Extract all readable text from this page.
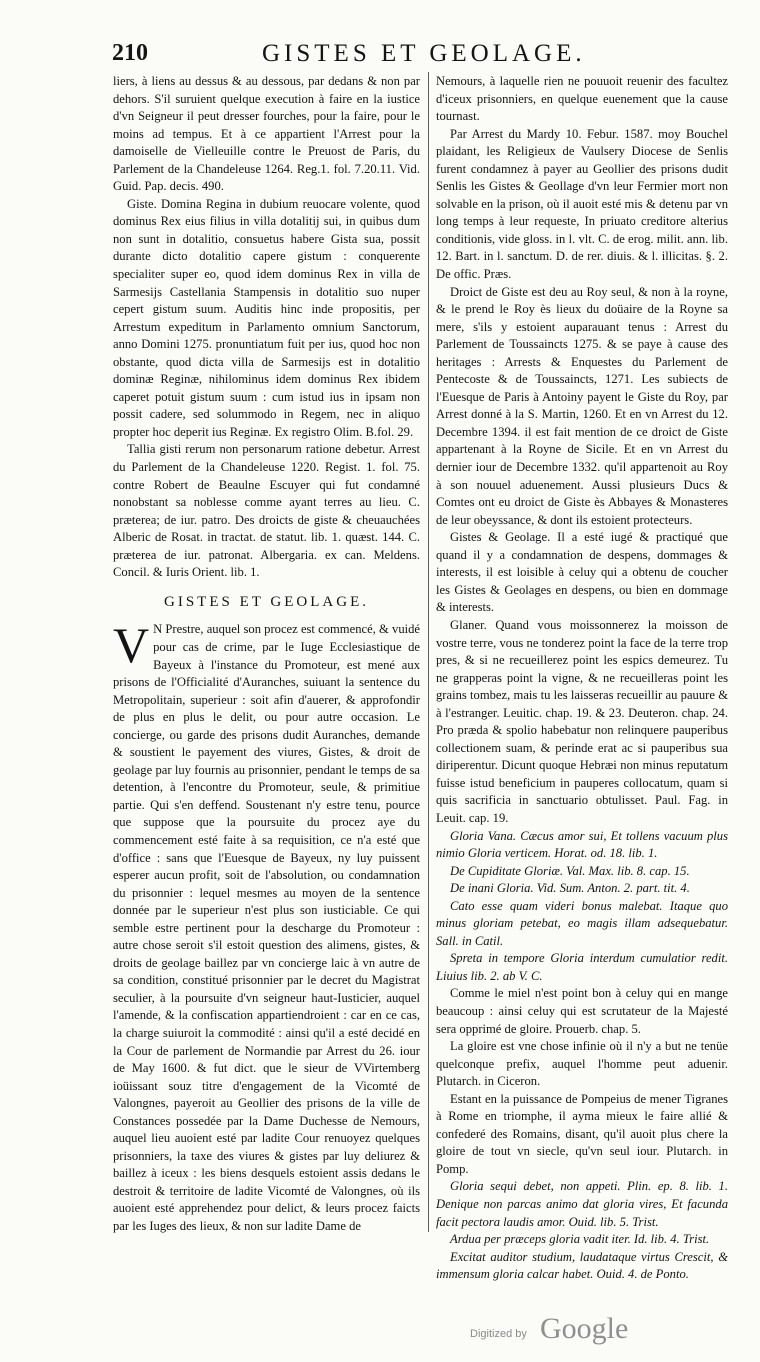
210	GISTES ET GEOLAGE.

liers, à liens au dessus & au dessous, par dedans & non par dehors. S'il suruient quelque execution à faire en la iustice d'vn Seigneur il peut dresser fourches, pour la faire, pour le moins ad tempus. Et à ce appartient l'Arrest pour la damoiselle de Vielleuille contre le Preuost de Paris, du Parlement de la Chandeleuse 1264. Reg.1. fol. 7.20.11. Vid. Guid. Pap. decis. 490.

Giste. Domina Regina in dubium reuocare volente, quod dominus Rex eius filius in villa dotalitij sui, in quibus dum non sunt in dotalitio, consuetus habere Gista sua, possit durante dicto dotalitio capere gistum : conquerente specialiter super eo, quod idem dominus Rex in villa de Sarmesijs Castellania Stampensis in dotalitio suo nuper cepert gistum suum. Auditis hinc inde propositis, per Arrestum expeditum in Parlamento omnium Sanctorum, anno Domini 1275. pronuntiatum fuit per ius, quod hoc non obstante, quod dicta villa de Sarmesijs est in dotalitio dominæ Reginæ, nihilominus idem dominus Rex ibidem caperet potuit gistum suum : cum istud ius in ipsam non possit cadere, sed solummodo in Regem, nec in aliquo propter hoc deperit ius Reginæ. Ex registro Olim. B.fol. 29.

Tallia gisti rerum non personarum ratione debetur. Arrest du Parlement de la Chandeleuse 1220. Regist. 1. fol. 75. contre Robert de Beaulne Escuyer qui fut condamné nonobstant sa noblesse comme ayant terres au lieu. C. præterea; de iur. patro. Des droicts de giste & cheuauchées Alberic de Rosat. in tractat. de statut. lib. 1. quæst. 144. C. præterea de iur. patronat. Albergaria. ex can. Meldens. Concil. & Iuris Orient. lib. 1.

GISTES ET GEOLAGE.

V N Prestre, auquel son procez est commencé, & vuidé pour cas de crime, par le Iuge Ecclesiastique de Bayeux à l'instance du Promoteur, est mené aux prisons de l'Officialité d'Auranches, suiuant la sentence du Metropolitain, superieur : soit afin d'auerer, & approfondir de plus en plus le delit, ou pour autre occasion. Le concierge, ou garde des prisons dudit Auranches, demande & soustient le payement des viures, Gistes, & droit de geolage par luy fournis au prisonnier, pendant le temps de sa detention, à l'encontre du Promoteur, seule, & primitiue partie. Qui s'en deffend. Soustenant n'y estre tenu, pource que suppose que la poursuite du procez aye du commencement esté faite à sa requisition, ce n'a esté que d'office : sans que l'Euesque de Bayeux, ny luy puissent esperer aucun profit, soit de l'absolution, ou condamnation du prisonnier : lequel mesmes au moyen de la sentence donnée par le superieur n'est plus son iusticiable. Ce qui semble estre pertinent pour la descharge du Promoteur : autre chose seroit s'il estoit question des alimens, gistes, & droits de geolage baillez par vn concierge laic à vn autre de sa condition, constitué prisonnier par le decret du Magistrat seculier, à la poursuite d'vn seigneur haut-Iusticier, auquel l'amende, & la confiscation appartiendroient : car en ce cas, la charge suiuroit la commodité : ainsi qu'il a esté decidé en la Cour de parlement de Normandie par Arrest du 26. iour de May 1600. & fut dict. que le sieur de VVirtemberg ioüissant souz titre d'engagement de la Vicomté de Valongnes, payeroit au Geollier des prisons de la ville de Constances possedée par la Dame Duchesse de Nemours, auquel lieu auoient esté par ladite Cour renuoyez quelques prisonniers, la taxe des viures & gistes par luy deliurez & baillez à iceux : les biens desquels estoient assis dedans le destroit & territoire de ladite Vicomté de Valongnes, où ils auoient esté apprehendez pour delict, & leurs procez faicts par les Iuges des lieux, & non sur ladite Dame de

Nemours, à laquelle rien ne pouuoit reuenir des facultez d'iceux prisonniers, en quelque euenement que la cause tournast.

Par Arrest du Mardy 10. Febur. 1587. moy Bouchel plaidant, les Religieux de Vaulsery Diocese de Senlis furent condamnez à payer au Geollier des prisons dudit Senlis les Gistes & Geollage d'vn leur Fermier mort non solvable en la prison, où il auoit esté mis & detenu par vn long temps à leur requeste, In priuato creditore alterius conditionis, vide gloss. in l. vlt. C. de erog. milit. ann. lib. 12. Bart. in l. sanctum. D. de rer. diuis. & l. illicitas. §. 2. De offic. Præs.

Droict de Giste est deu au Roy seul, & non à la royne, & le prend le Roy ès lieux du doüaire de la Royne sa mere, s'ils y estoient auparauant tenus : Arrest du Parlement de Toussaincts 1275. & se paye à cause des heritages : Arrests & Enquestes du Parlement de Pentecoste & de Toussaincts, 1271. Les subiects de l'Euesque de Paris à Antoiny payent le Giste du Roy, par Arrest donné à la S. Martin, 1260. Et en vn Arrest du 12. Decembre 1394. il est fait mention de ce droict de Giste appartenant à la Royne de Sicile. Et en vn Arrest du dernier iour de Decembre 1332. qu'il appartenoit au Roy à son nouuel aduenement. Aussi plusieurs Ducs & Comtes ont eu droict de Giste ès Abbayes & Monasteres de leur obeyssance, & dont ils estoient protecteurs.

Gistes & Geolage. Il a esté iugé & practiqué que quand il y a condamnation de despens, dommages & interests, il est loisible à celuy qui a obtenu de coucher les Gistes & Geolages en despens, ou bien en dommage & interests.

Glaner. Quand vous moissonnerez la moisson de vostre terre, vous ne tonderez point la face de la terre trop pres, & si ne recueillerez point les espics demeurez. Tu ne grapperas point la vigne, & ne recueilleras point les grains tombez, mais tu les laisseras recueillir au pauure & à l'estranger. Leuitic. chap. 19. & 23. Deuteron. chap. 24. Pro præda & spolio habebatur non relinquere pauperibus collectionem suam, & perinde erat ac si pauperibus sua diriperentur. Dicunt quoque Hebræi non minus reputatum fuisse istud beneficium in pauperes collocatum, quam si quis sacrificia in sanctuario obtulisset. Paul. Fag. in Leuit. cap. 19.

Gloria Vana. Cæcus amor sui, Et tollens vacuum plus nimio Gloria verticem. Horat. od. 18. lib. 1.

De Cupiditate Gloriæ. Val. Max. lib. 8. cap. 15.

De inani Gloria. Vid. Sum. Anton. 2. part. tit. 4.

Cato esse quam videri bonus malebat. Itaque quo minus gloriam petebat, eo magis illam adsequebatur. Sall. in Catil.

Spreta in tempore Gloria interdum cumulatior redit. Liuius lib. 2. ab V. C.

Comme le miel n'est point bon à celuy qui en mange beaucoup : ainsi celuy qui est scrutateur de la Majesté sera opprimé de gloire. Prouerb. chap. 5.

La gloire est vne chose infinie où il n'y a but ne tenüe quelconque prefix, auquel l'homme peut aduenir. Plutarch. in Ciceron.

Estant en la puissance de Pompeius de mener Tigranes à Rome en triomphe, il ayma mieux le faire allié & confederé des Romains, disant, qu'il auoit plus chere la gloire de tout vn siecle, qu'vn seul iour. Plutarch. in Pomp.

Gloria sequi debet, non appeti. Plin. ep. 8. lib. 1. Denique non parcas animo dat gloria vires, Et facunda facit pectora laudis amor. Ouid. lib. 5. Trist.

Ardua per præceps gloria vadit iter. Id. lib. 4. Trist.

Excitat auditor studium, laudataque virtus Crescit, & immensum gloria calcar habet. Ouid. 4. de Ponto.

Digitized by Google
